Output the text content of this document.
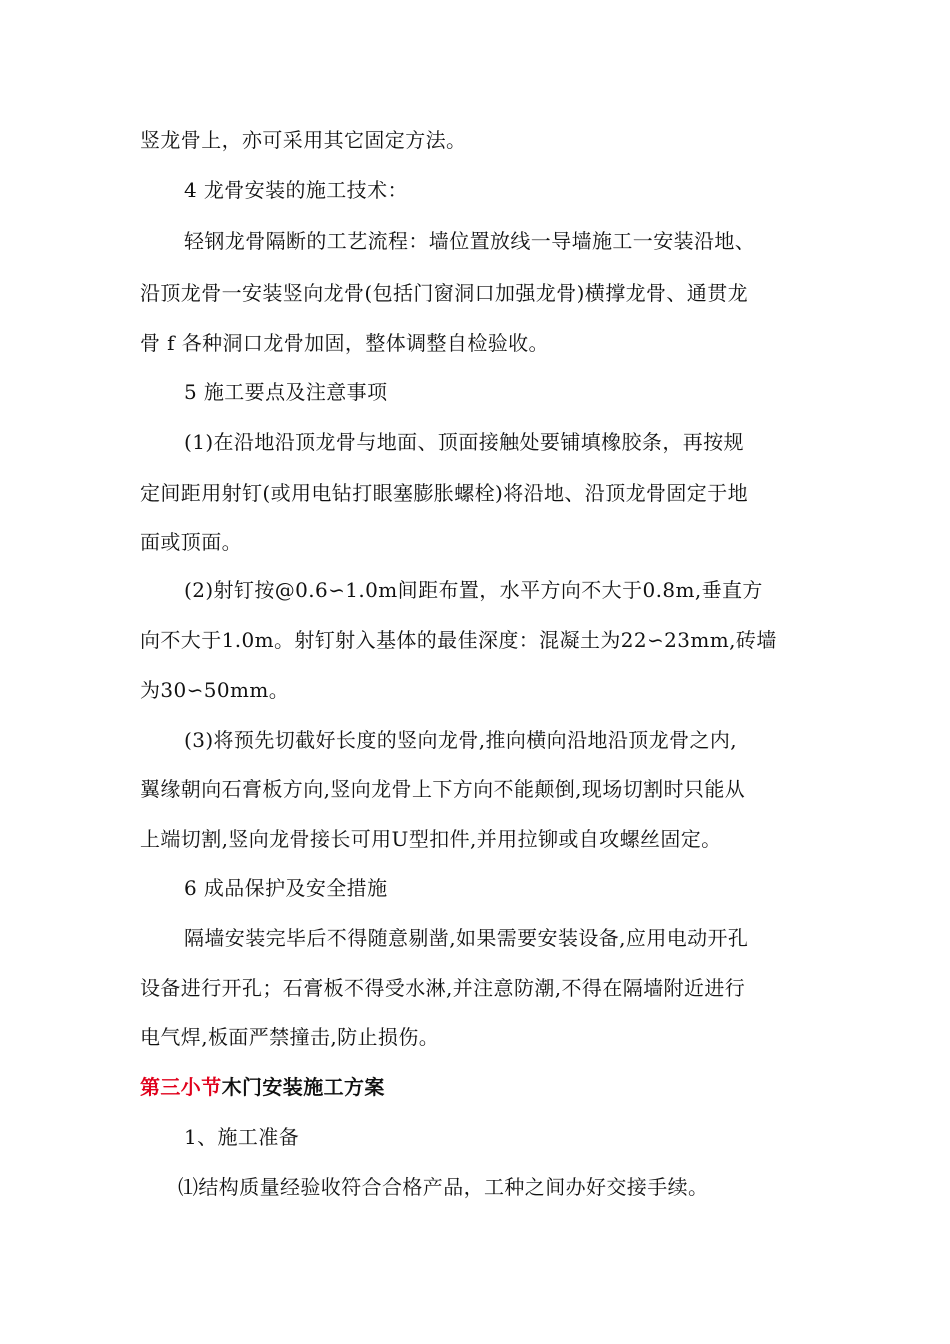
竖龙骨上，亦可采用其它固定方法。
4 龙骨安装的施工技术：
轻钢龙骨隔断的工艺流程：墙位置放线一导墙施工一安装沿地、
沿顶龙骨一安装竖向龙骨(包括门窗洞口加强龙骨)横撑龙骨、通贯龙
骨 f 各种洞口龙骨加固，整体调整自检验收。
5 施工要点及注意事项
(1)在沿地沿顶龙骨与地面、顶面接触处要铺填橡胶条，再按规
定间距用射钉(或用电钻打眼塞膨胀螺栓)将沿地、沿顶龙骨固定于地
面或顶面。
(2)射钉按@0.6∽1.0m间距布置，水平方向不大于0.8m,垂直方
向不大于1.0m。射钉射入基体的最佳深度：混凝土为22∽23mm,砖墙
为30∽50mm。
(3)将预先切截好长度的竖向龙骨,推向横向沿地沿顶龙骨之内,
翼缘朝向石膏板方向,竖向龙骨上下方向不能颠倒,现场切割时只能从
上端切割,竖向龙骨接长可用U型扣件,并用拉铆或自攻螺丝固定。
6 成品保护及安全措施
隔墙安装完毕后不得随意剔凿,如果需要安装设备,应用电动开孔
设备进行开孔；石膏板不得受水淋,并注意防潮,不得在隔墙附近进行
电气焊,板面严禁撞击,防止损伤。
第三小节木门安装施工方案
1、施工准备
⑴结构质量经验收符合合格产品，工种之间办好交接手续。
